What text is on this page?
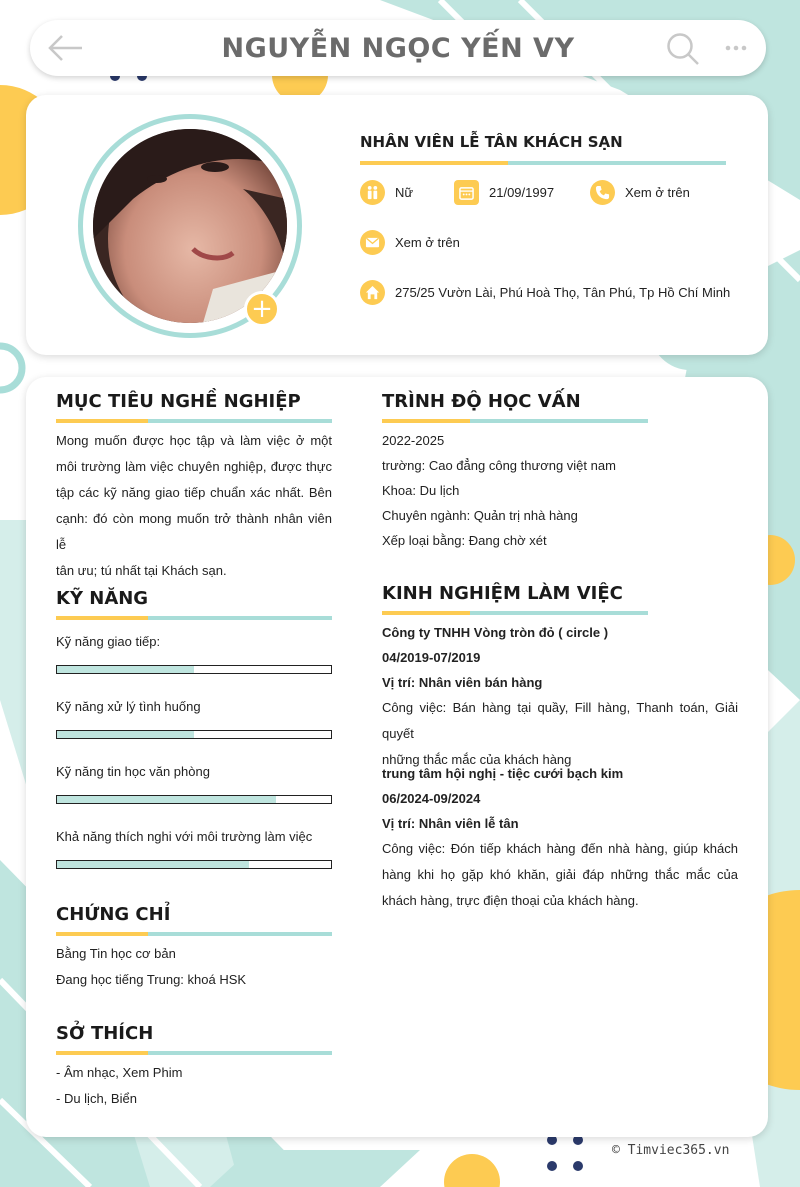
NGUYỄN NGỌC YẾN VY
+
NHÂN VIÊN LỄ TÂN KHÁCH SẠN
Nữ	21/09/1997	Xem ở trên
Xem ở trên
275/25 Vườn Lài, Phú Hoà Thọ, Tân Phú, Tp Hồ Chí Minh
MỤC TIÊU NGHỀ NGHIỆP
Mong muốn được học tập và làm việc ở một
môi trường làm việc chuyên nghiệp, được thực
tập các kỹ năng giao tiếp chuẩn xác nhất. Bên
cạnh: đó còn mong muốn trở thành nhân viên lễ
tân ưu; tú nhất tại Khách sạn.
KỸ NĂNG
Kỹ năng giao tiếp:
Kỹ năng xử lý tình huống
Kỹ năng tin học văn phòng
Khả năng thích nghi với môi trường làm việc
CHỨNG CHỈ
Bằng Tin học cơ bản
Đang học tiếng Trung: khoá HSK
SỞ THÍCH
- Âm nhạc, Xem Phim
- Du lịch, Biển
TRÌNH ĐỘ HỌC VẤN
2022-2025
trường: Cao đẳng công thương việt nam
Khoa: Du lịch
Chuyên ngành: Quản trị nhà hàng
Xếp loại bằng: Đang chờ xét
KINH NGHIỆM LÀM VIỆC
Công ty TNHH Vòng tròn đỏ ( circle )
04/2019-07/2019
Vị trí: Nhân viên bán hàng
Công việc: Bán hàng tại quầy, Fill hàng, Thanh toán, Giải quyết
những thắc mắc của khách hàng
trung tâm hội nghị - tiệc cưới bạch kim
06/2024-09/2024
Vị trí: Nhân viên lễ tân
Công việc: Đón tiếp khách hàng đến nhà hàng, giúp khách
hàng khi họ gặp khó khăn, giải đáp những thắc mắc của
khách hàng, trực điện thoại của khách hàng.
© Timviec365.vn
